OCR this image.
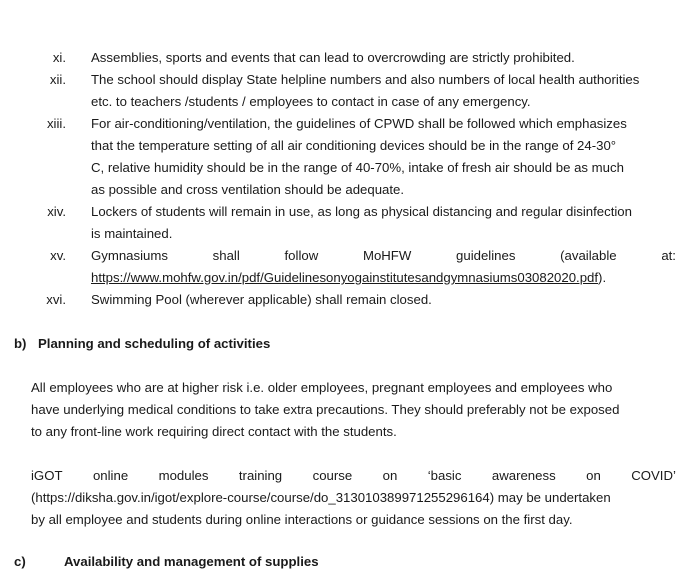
xi. Assemblies, sports and events that can lead to overcrowding are strictly prohibited.
xii. The school should display State helpline numbers and also numbers of local health authorities
etc. to teachers /students / employees to contact in case of any emergency.
xiii. For air-conditioning/ventilation, the guidelines of CPWD shall be followed which emphasizes
that the temperature setting of all air conditioning devices should be in the range of 24-30°
C, relative humidity should be in the range of 40-70%, intake of fresh air should be as much
as possible and cross ventilation should be adequate.
xiv. Lockers of students will remain in use, as long as physical distancing and regular disinfection
is maintained.
xv. Gymnasiums	shall	follow	MoHFW	guidelines	(available	at:
https://www.mohfw.gov.in/pdf/Guidelinesonyogainstitutesandgymnasiums03082020.pdf).
xvi. Swimming Pool (wherever applicable) shall remain closed.
b) Planning and scheduling of activities
All employees who are at higher risk i.e. older employees, pregnant employees and employees who
have underlying medical conditions to take extra precautions. They should preferably not be exposed
to any front-line work requiring direct contact with the students.
iGOT online modules training course on ‘basic awareness on COVID’
(https://diksha.gov.in/igot/explore-course/course/do_31301038997125529616​4) may be undertaken
by all employee and students during online interactions or guidance sessions on the first day.
c)	Availability and management of supplies
